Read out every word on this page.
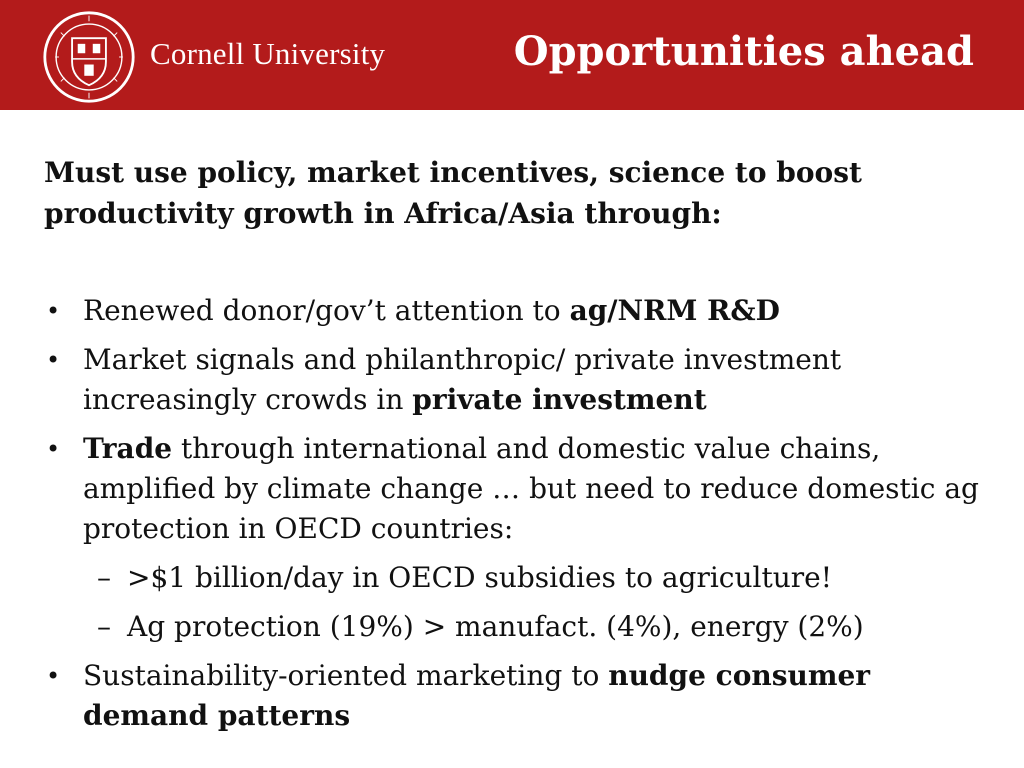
Cornell University	Opportunities ahead

Must use policy, market incentives, science to boost productivity growth in Africa/Asia through:

• Renewed donor/gov’t attention to ag/NRM R&D
• Market signals and philanthropic/ private investment increasingly crowds in private investment
• Trade through international and domestic value chains, amplified by climate change … but need to reduce domestic ag protection in OECD countries:
– >$1 billion/day in OECD subsidies to agriculture!
– Ag protection (19%) > manufact. (4%), energy (2%)
• Sustainability-oriented marketing to nudge consumer demand patterns
